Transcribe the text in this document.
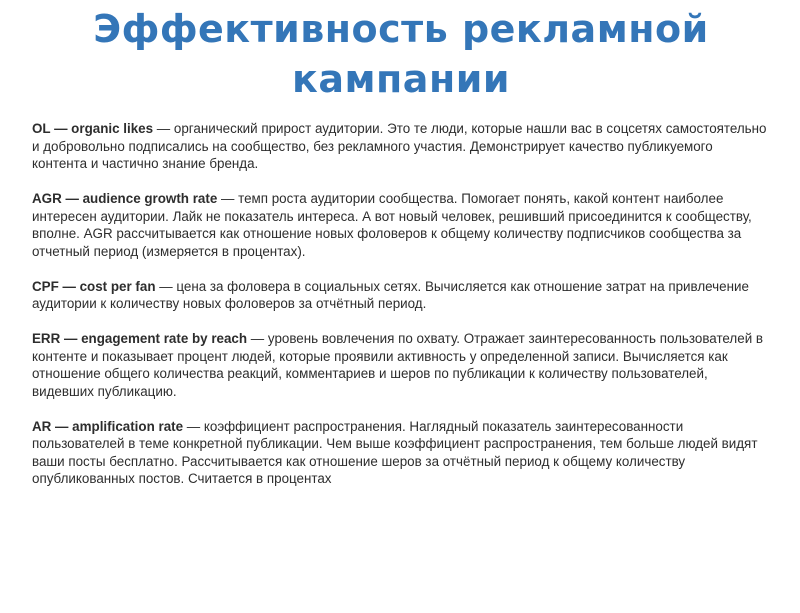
Эффективность рекламной
кампании

OL — organic likes — органический прирост аудитории. Это те люди, которые нашли вас в соцсетях самостоятельно и добровольно подписались на сообщество, без рекламного участия. Демонстрирует качество публикуемого контента и частично знание бренда.

AGR — audience growth rate — темп роста аудитории сообщества. Помогает понять, какой контент наиболее интересен аудитории. Лайк не показатель интереса. А вот новый человек, решивший присоединится к сообществу, вполне. AGR рассчитывается как отношение новых фоловеров к общему количеству подписчиков сообщества за отчетный период (измеряется в процентах).

CPF — cost per fan — цена за фоловера в социальных сетях. Вычисляется как отношение затрат на привлечение аудитории к количеству новых фоловеров за отчётный период.

ERR — engagement rate by reach — уровень вовлечения по охвату. Отражает заинтересованность пользователей в контенте и показывает процент людей, которые проявили активность у определенной записи. Вычисляется как отношение общего количества реакций, комментариев и шеров по публикации к количеству пользователей, видевших публикацию.

AR — amplification rate — коэффициент распространения. Наглядный показатель заинтересованности пользователей в теме конкретной публикации. Чем выше коэффициент распространения, тем больше людей видят ваши посты бесплатно. Рассчитывается как отношение шеров за отчётный период к общему количеству опубликованных постов. Считается в процентах
